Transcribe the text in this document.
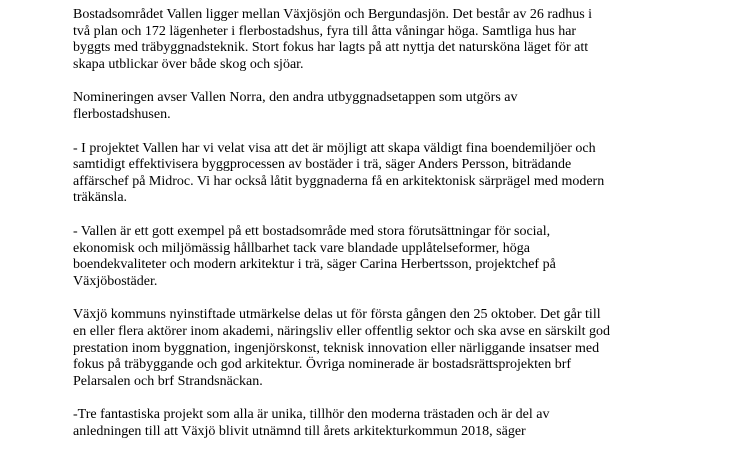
Bostadsområdet Vallen ligger mellan Växjösjön och Bergundasjön. Det består av 26 radhus i
två plan och 172 lägenheter i flerbostadshus, fyra till åtta våningar höga. Samtliga hus har
byggts med träbyggnadsteknik. Stort fokus har lagts på att nyttja det natursköna läget för att
skapa utblickar över både skog och sjöar.

Nomineringen avser Vallen Norra, den andra utbyggnadsetappen som utgörs av
flerbostadshusen.

- I projektet Vallen har vi velat visa att det är möjligt att skapa väldigt fina boendemiljöer och
samtidigt effektivisera byggprocessen av bostäder i trä, säger Anders Persson, biträdande
affärschef på Midroc. Vi har också låtit byggnaderna få en arkitektonisk särprägel med modern
träkänsla.

- Vallen är ett gott exempel på ett bostadsområde med stora förutsättningar för social,
ekonomisk och miljömässig hållbarhet tack vare blandade upplåtelseformer, höga
boendekvaliteter och modern arkitektur i trä, säger Carina Herbertsson, projektchef på
Växjöbostäder.

Växjö kommuns nyinstiftade utmärkelse delas ut för första gången den 25 oktober. Det går till
en eller flera aktörer inom akademi, näringsliv eller offentlig sektor och ska avse en särskilt god
prestation inom byggnation, ingenjörskonst, teknisk innovation eller närliggande insatser med
fokus på träbyggande och god arkitektur. Övriga nominerade är bostadsrättsprojekten brf
Pelarsalen och brf Strandsnäckan.

-Tre fantastiska projekt som alla är unika, tillhör den moderna trästaden och är del av
anledningen till att Växjö blivit utnämnd till årets arkitekturkommun 2018, säger
